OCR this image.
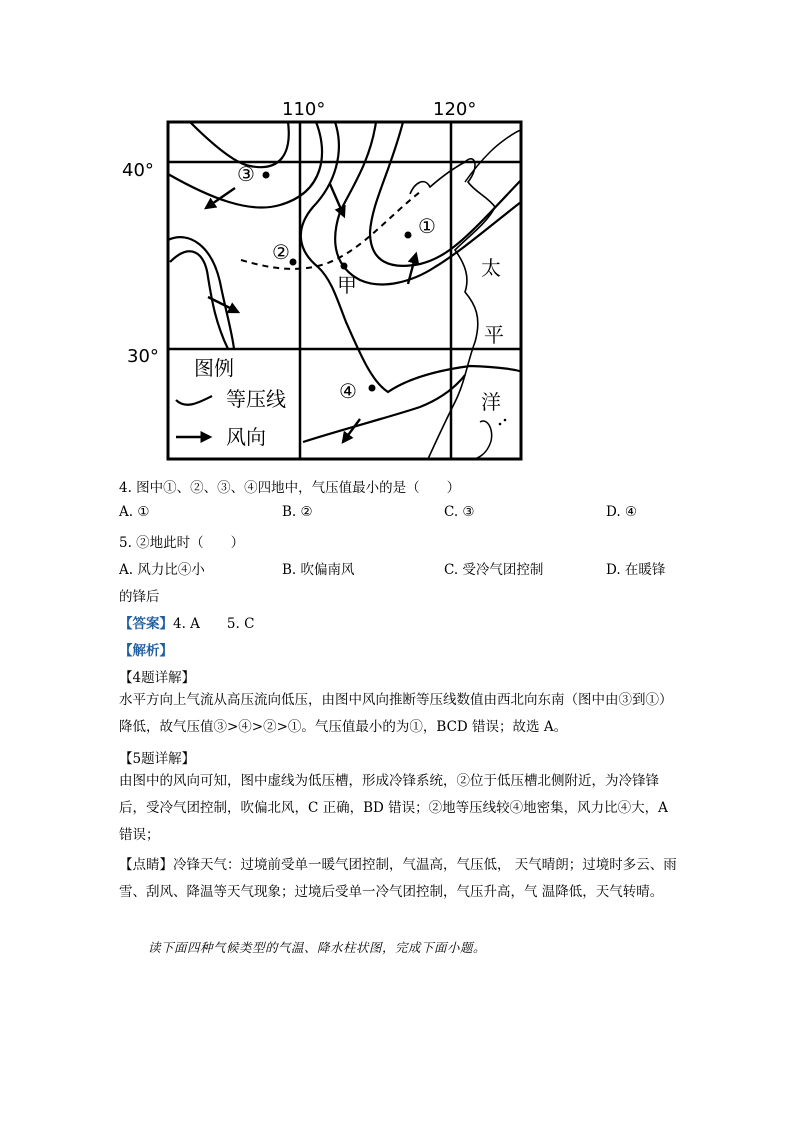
110°	120°
40°
30°
③
②
①
④
甲
太
平
洋
图例
等压线
风向
4. 图中①、②、③、④四地中，气压值最小的是（　　）
A. ①	B. ②	C. ③	D. ④
5. ②地此时（　　）
A. 风力比④小	B. 吹偏南风	C. 受冷气团控制	D. 在暖锋
的锋后
【答案】4. A　　5. C
【解析】
【4题详解】
水平方向上气流从高压流向低压，由图中风向推断等压线数值由西北向东南（图中由③到①）降低，故气压值③>④>②>①。气压值最小的为①，BCD 错误；故选 A。
【5题详解】
由图中的风向可知，图中虚线为低压槽，形成冷锋系统，②位于低压槽北侧附近，为冷锋锋后，受冷气团控制，吹偏北风，C 正确，BD 错误；②地等压线较④地密集，风力比④大，A 错误；
【点睛】冷锋天气：过境前受单一暖气团控制，气温高，气压低， 天气晴朗；过境时多云、雨雪、刮风、降温等天气现象；过境后受单一冷气团控制，气压升高，气 温降低，天气转晴。
读下面四种气候类型的气温、降水柱状图，完成下面小题。
